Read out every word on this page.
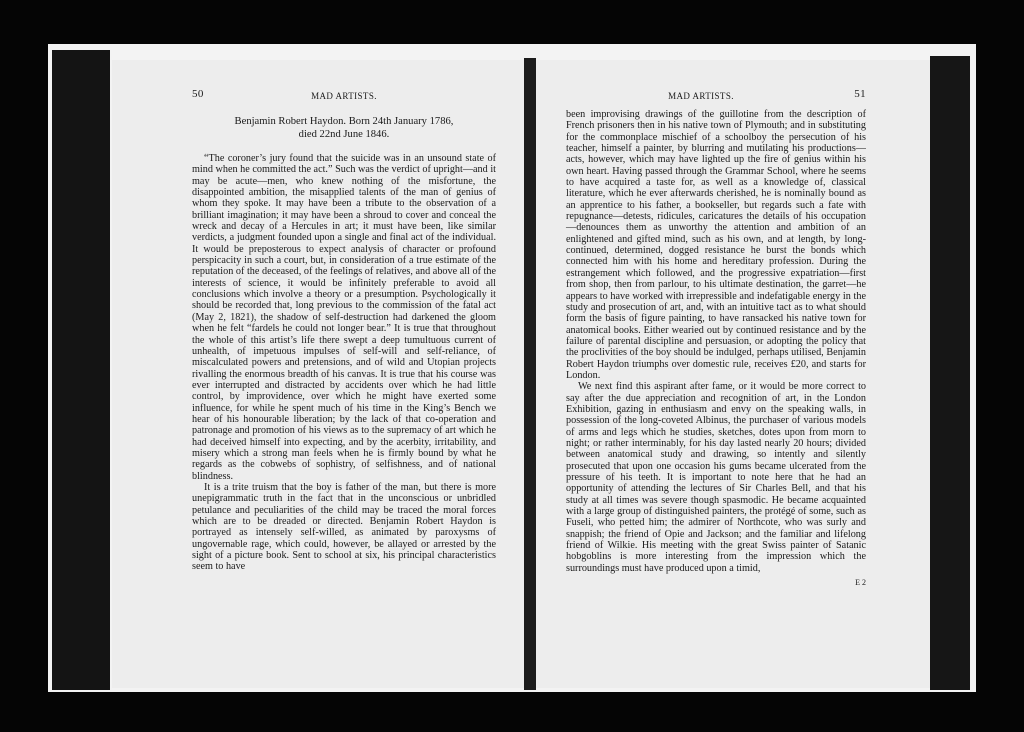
50	MAD ARTISTS.
Benjamin Robert Haydon. Born 24th January 1786,
died 22nd June 1846.

“The coroner’s jury found that the suicide was in an unsound state of mind when he committed the act.” Such was the verdict of upright—and it may be acute—men, who knew nothing of the misfortune, the disappointed ambition, the misapplied talents of the man of genius of whom they spoke. It may have been a tribute to the observation of a brilliant imagination; it may have been a shroud to cover and conceal the wreck and decay of a Hercules in art; it must have been, like similar verdicts, a judgment founded upon a single and final act of the individual. It would be preposterous to expect analysis of character or profound perspicacity in such a court, but, in consideration of a true estimate of the reputation of the deceased, of the feelings of relatives, and above all of the interests of science, it would be infinitely preferable to avoid all conclusions which involve a theory or a presumption. Psychologically it should be recorded that, long previous to the commission of the fatal act (May 2, 1821), the shadow of self-destruction had darkened the gloom when he felt “fardels he could not longer bear.” It is true that throughout the whole of this artist’s life there swept a deep tumultuous current of unhealth, of impetuous impulses of self-will and self-reliance, of miscalculated powers and pretensions, and of wild and Utopian projects rivalling the enormous breadth of his canvas. It is true that his course was ever interrupted and distracted by accidents over which he had little control, by improvidence, over which he might have exerted some influence, for while he spent much of his time in the King’s Bench we hear of his honourable liberation; by the lack of that co-operation and patronage and promotion of his views as to the supremacy of art which he had deceived himself into expecting, and by the acerbity, irritability, and misery which a strong man feels when he is firmly bound by what he regards as the cobwebs of sophistry, of selfishness, and of national blindness.

It is a trite truism that the boy is father of the man, but there is more unepigrammatic truth in the fact that in the unconscious or unbridled petulance and peculiarities of the child may be traced the moral forces which are to be dreaded or directed. Benjamin Robert Haydon is portrayed as intensely self-willed, as animated by paroxysms of ungovernable rage, which could, however, be allayed or arrested by the sight of a picture book. Sent to school at six, his principal characteristics seem to have

MAD ARTISTS.	51

been improvising drawings of the guillotine from the description of French prisoners then in his native town of Plymouth; and in substituting for the commonplace mischief of a schoolboy the persecution of his teacher, himself a painter, by blurring and mutilating his productions—acts, however, which may have lighted up the fire of genius within his own heart. Having passed through the Grammar School, where he seems to have acquired a taste for, as well as a knowledge of, classical literature, which he ever afterwards cherished, he is nominally bound as an apprentice to his father, a bookseller, but regards such a fate with repugnance—detests, ridicules, caricatures the details of his occupation—denounces them as unworthy the attention and ambition of an enlightened and gifted mind, such as his own, and at length, by long-continued, determined, dogged resistance he burst the bonds which connected him with his home and hereditary profession. During the estrangement which followed, and the progressive expatriation—first from shop, then from parlour, to his ultimate destination, the garret—he appears to have worked with irrepressible and indefatigable energy in the study and prosecution of art, and, with an intuitive tact as to what should form the basis of figure painting, to have ransacked his native town for anatomical books. Either wearied out by continued resistance and by the failure of parental discipline and persuasion, or adopting the policy that the proclivities of the boy should be indulged, perhaps utilised, Benjamin Robert Haydon triumphs over domestic rule, receives £20, and starts for London.

We next find this aspirant after fame, or it would be more correct to say after the due appreciation and recognition of art, in the London Exhibition, gazing in enthusiasm and envy on the speaking walls, in possession of the long-coveted Albinus, the purchaser of various models of arms and legs which he studies, sketches, dotes upon from morn to night; or rather interminably, for his day lasted nearly 20 hours; divided between anatomical study and drawing, so intently and silently prosecuted that upon one occasion his gums became ulcerated from the pressure of his teeth. It is important to note here that he had an opportunity of attending the lectures of Sir Charles Bell, and that his study at all times was severe though spasmodic. He became acquainted with a large group of distinguished painters, the protégé of some, such as Fuseli, who petted him; the admirer of Northcote, who was surly and snappish; the friend of Opie and Jackson; and the familiar and lifelong friend of Wilkie. His meeting with the great Swiss painter of Satanic hobgoblins is more interesting from the impression which the surroundings must have produced upon a timid,

E 2
